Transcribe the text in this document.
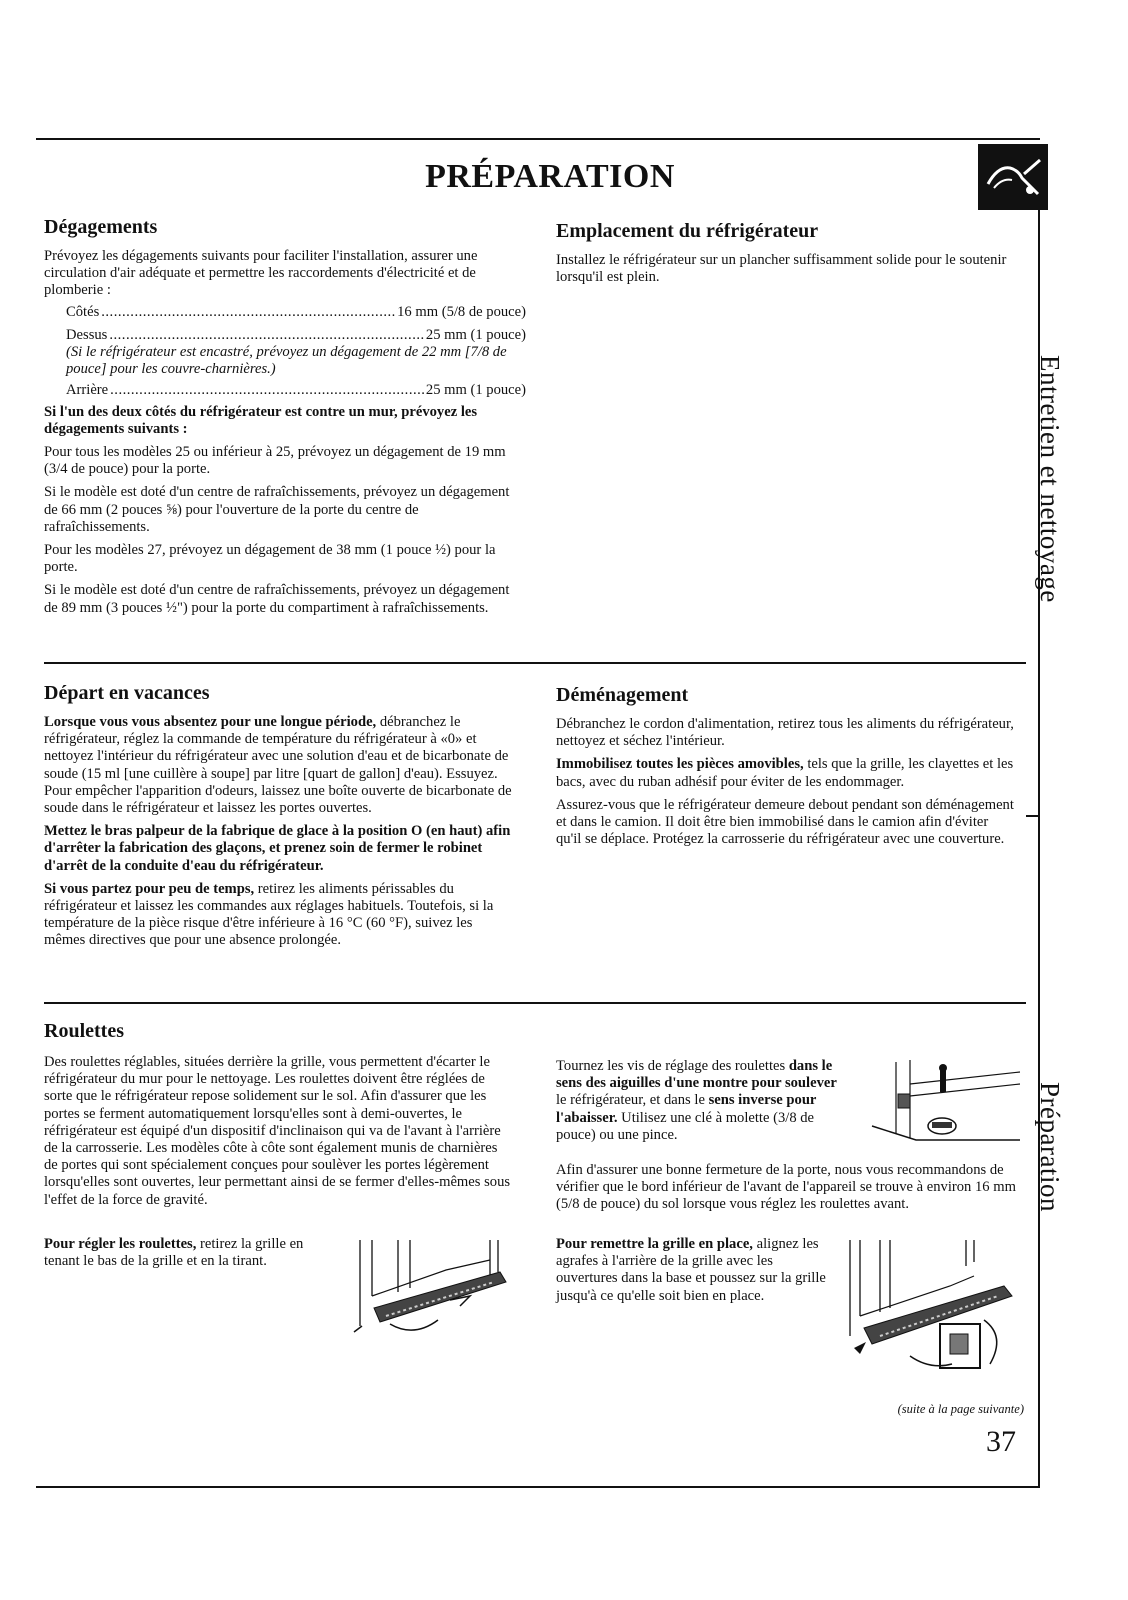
PRÉPARATION
Entretien et nettoyage
Préparation
Dégagements

Prévoyez les dégagements suivants pour faciliter l'installation, assurer une circulation d'air adéquate et permettre les raccordements d'électricité et de plomberie :

Côtés .....	16 mm (5/8 de pouce)
Dessus .....	25 mm (1 pouce)
(Si le réfrigérateur est encastré, prévoyez un dégagement de 22 mm [7/8 de pouce] pour les couvre-charnières.)
Arrière .....	25 mm (1 pouce)

Si l'un des deux côtés du réfrigérateur est contre un mur, prévoyez les dégagements suivants :

Pour tous les modèles 25 ou inférieur à 25, prévoyez un dégagement de 19 mm (3/4 de pouce) pour la porte.

Si le modèle est doté d'un centre de rafraîchissements, prévoyez un dégagement de 66 mm (2 pouces ⅝) pour l'ouverture de la porte du centre de rafraîchissements.

Pour les modèles 27, prévoyez un dégagement de 38 mm (1 pouce ½) pour la porte.

Si le modèle est doté d'un centre de rafraîchissements, prévoyez un dégagement de 89 mm (3 pouces ½") pour la porte du compartiment à rafraîchissements.

Emplacement du réfrigérateur
Installez le réfrigérateur sur un plancher suffisamment solide pour le soutenir lorsqu'il est plein.
Départ en vacances

Lorsque vous vous absentez pour une longue période, débranchez le réfrigérateur, réglez la commande de température du réfrigérateur à «0» et nettoyez l'intérieur du réfrigérateur avec une solution d'eau et de bicarbonate de soude (15 ml [une cuillère à soupe] par litre [quart de gallon] d'eau). Essuyez. Pour empêcher l'apparition d'odeurs, laissez une boîte ouverte de bicarbonate de soude dans le réfrigérateur et laissez les portes ouvertes.

Mettez le bras palpeur de la fabrique de glace à la position O (en haut) afin d'arrêter la fabrication des glaçons, et prenez soin de fermer le robinet d'arrêt de la conduite d'eau du réfrigérateur.

Si vous partez pour peu de temps, retirez les aliments périssables du réfrigérateur et laissez les commandes aux réglages habituels. Toutefois, si la température de la pièce risque d'être inférieure à 16 °C (60 °F), suivez les mêmes directives que pour une absence prolongée.

Déménagement

Débranchez le cordon d'alimentation, retirez tous les aliments du réfrigérateur, nettoyez et séchez l'intérieur.

Immobilisez toutes les pièces amovibles, tels que la grille, les clayettes et les bacs, avec du ruban adhésif pour éviter de les endommager.

Assurez-vous que le réfrigérateur demeure debout pendant son déménagement et dans le camion. Il doit être bien immobilisé dans le camion afin d'éviter qu'il se déplace. Protégez la carrosserie du réfrigérateur avec une couverture.

Roulettes
Des roulettes réglables, situées derrière la grille, vous permettent d'écarter le réfrigérateur du mur pour le nettoyage. Les roulettes doivent être réglées de sorte que le réfrigérateur repose solidement sur le sol. Afin d'assurer que les portes se ferment automatiquement lorsqu'elles sont à demi-ouvertes, le réfrigérateur est équipé d'un dispositif d'inclinaison qui va de l'avant à l'arrière de la carrosserie. Les modèles côte à côte sont également munis de charnières de portes qui sont spécialement conçues pour soulèver les portes légèrement lorsqu'elles sont ouvertes, leur permettant ainsi de se fermer d'elles-mêmes sous l'effet de la force de gravité.
Pour régler les roulettes, retirez la grille en tenant le bas de la grille et en la tirant.
Tournez les vis de réglage des roulettes dans le sens des aiguilles d'une montre pour soulever le réfrigérateur, et dans le sens inverse pour l'abaisser. Utilisez une clé à molette (3/8 de pouce) ou une pince.
Afin d'assurer une bonne fermeture de la porte, nous vous recommandons de vérifier que le bord inférieur de l'avant de l'appareil se trouve à environ 16 mm (5/8 de pouce) du sol lorsque vous réglez les roulettes avant.
Pour remettre la grille en place, alignez les agrafes à l'arrière de la grille avec les ouvertures dans la base et poussez sur la grille jusqu'à ce qu'elle soit bien en place.
(suite à la page suivante)
37
